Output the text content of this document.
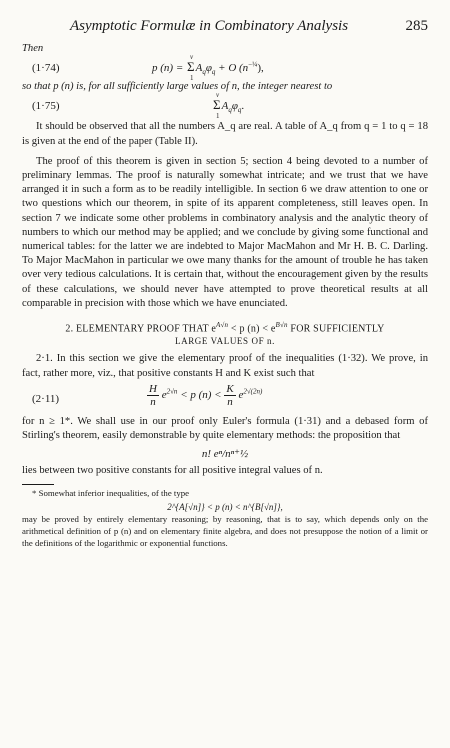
Asymptotic Formulæ in Combinatory Analysis	285

Then

(1·74)	p (n) = Σ
ν
1
$A_q\varphi_q + O$ $(n^{-\frac{1}{4}})$,

so that p (n) is, for all sufficiently large values of n, the integer nearest to

(1·75)	Σ
ν
1
$A_q\varphi_q$.

It should be observed that all the numbers A_q are real. A table of A_q from q = 1 to q = 18 is given at the end of the paper (Table II).

The proof of this theorem is given in section 5; section 4 being devoted to a number of preliminary lemmas. The proof is naturally somewhat intricate; and we trust that we have arranged it in such a form as to be readily intelligible. In section 6 we draw attention to one or two questions which our theorem, in spite of its apparent completeness, still leaves open. In section 7 we indicate some other problems in combinatory analysis and the analytic theory of numbers to which our method may be applied; and we conclude by giving some functional and numerical tables: for the latter we are indebted to Major MacMahon and Mr H. B. C. Darling. To Major MacMahon in particular we owe many thanks for the amount of trouble he has taken over very tedious calculations. It is certain that, without the encouragement given by the results of these calculations, we should never have attempted to prove theoretical results at all comparable in precision with those which we have enunciated.

2. ELEMENTARY PROOF THAT $e^{A√n} < p$ $(n) < e^{B√n}$ FOR SUFFICIENTLY
LARGE VALUES OF n.

2·1. In this section we give the elementary proof of the inequalities (1·32). We prove, in fact, rather more, viz., that positive constants H and K exist such that

(2·11)	$\frac{H}{n} e^{2√n} < p$ $(n) < \frac{K}{n} e^{2√(2n)}$

for n ≥ 1*. We shall use in our proof only Euler's formula (1·31) and a debased form of Stirling's theorem, easily demonstrable by quite elementary methods: the proposition that

n! eⁿ/nⁿ⁺½

lies between two positive constants for all positive integral values of n.

* Somewhat inferior inequalities, of the type

2^{A[√n]} < p (n) < n^{B[√n]},

may be proved by entirely elementary reasoning; by reasoning, that is to say, which depends only on the arithmetical definition of p (n) and on elementary finite algebra, and does not presuppose the notion of a limit or the definitions of the logarithmic or exponential functions.
